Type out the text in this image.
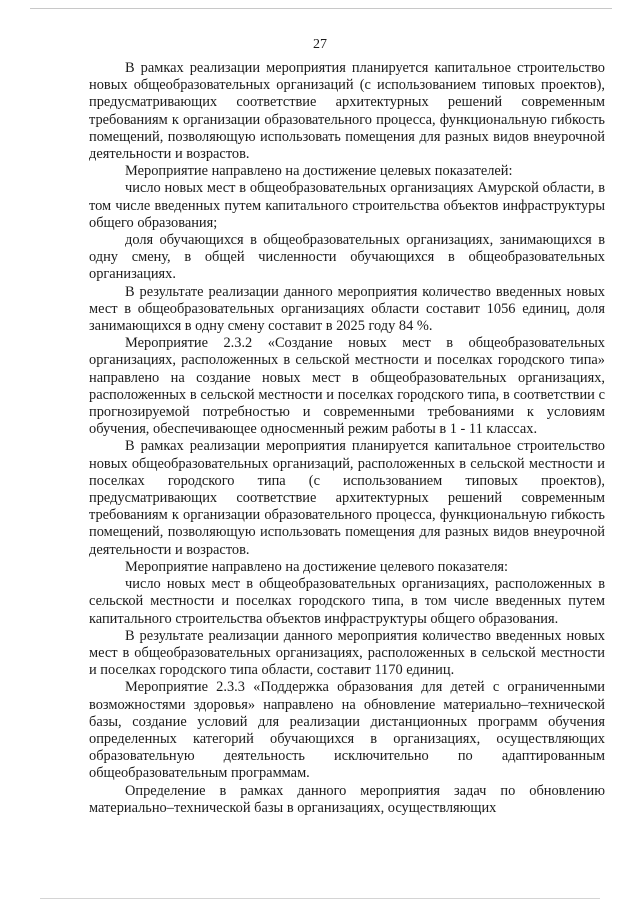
27

В рамках реализации мероприятия планируется капитальное строительство новых общеобразовательных организаций (с использованием типовых проектов), предусматривающих соответствие архитектурных решений современным требованиям к организации образовательного процесса, функциональную гибкость помещений, позволяющую использовать помещения для разных видов внеурочной деятельности и возрастов.

Мероприятие направлено на достижение целевых показателей:

число новых мест в общеобразовательных организациях Амурской области, в том числе введенных путем капитального строительства объектов инфраструктуры общего образования;

доля обучающихся в общеобразовательных организациях, занимающихся в одну смену, в общей численности обучающихся в общеобразовательных организациях.

В результате реализации данного мероприятия количество введенных новых мест в общеобразовательных организациях области составит 1056 единиц, доля занимающихся в одну смену составит в 2025 году 84 %.

Мероприятие 2.3.2 «Создание новых мест в общеобразовательных организациях, расположенных в сельской местности и поселках городского типа» направлено на создание новых мест в общеобразовательных организациях, расположенных в сельской местности и поселках городского типа, в соответствии с прогнозируемой потребностью и современными требованиями к условиям обучения, обеспечивающее односменный режим работы в 1 - 11 классах.

В рамках реализации мероприятия планируется капитальное строительство новых общеобразовательных организаций, расположенных в сельской местности и поселках городского типа (с использованием типовых проектов), предусматривающих соответствие архитектурных решений современным требованиям к организации образовательного процесса, функциональную гибкость помещений, позволяющую использовать помещения для разных видов внеурочной деятельности и возрастов.

Мероприятие направлено на достижение целевого показателя:

число новых мест в общеобразовательных организациях, расположенных в сельской местности и поселках городского типа, в том числе введенных путем капитального строительства объектов инфраструктуры общего образования.

В результате реализации данного мероприятия количество введенных новых мест в общеобразовательных организациях, расположенных в сельской местности и поселках городского типа области, составит 1170 единиц.

Мероприятие 2.3.3 «Поддержка образования для детей с ограниченными возможностями здоровья» направлено на обновление материально–технической базы, создание условий для реализации дистанционных программ обучения определенных категорий обучающихся в организациях, осуществляющих образовательную деятельность исключительно по адаптированным общеобразовательным программам.

Определение в рамках данного мероприятия задач по обновлению материально–технической базы в организациях, осуществляющих
